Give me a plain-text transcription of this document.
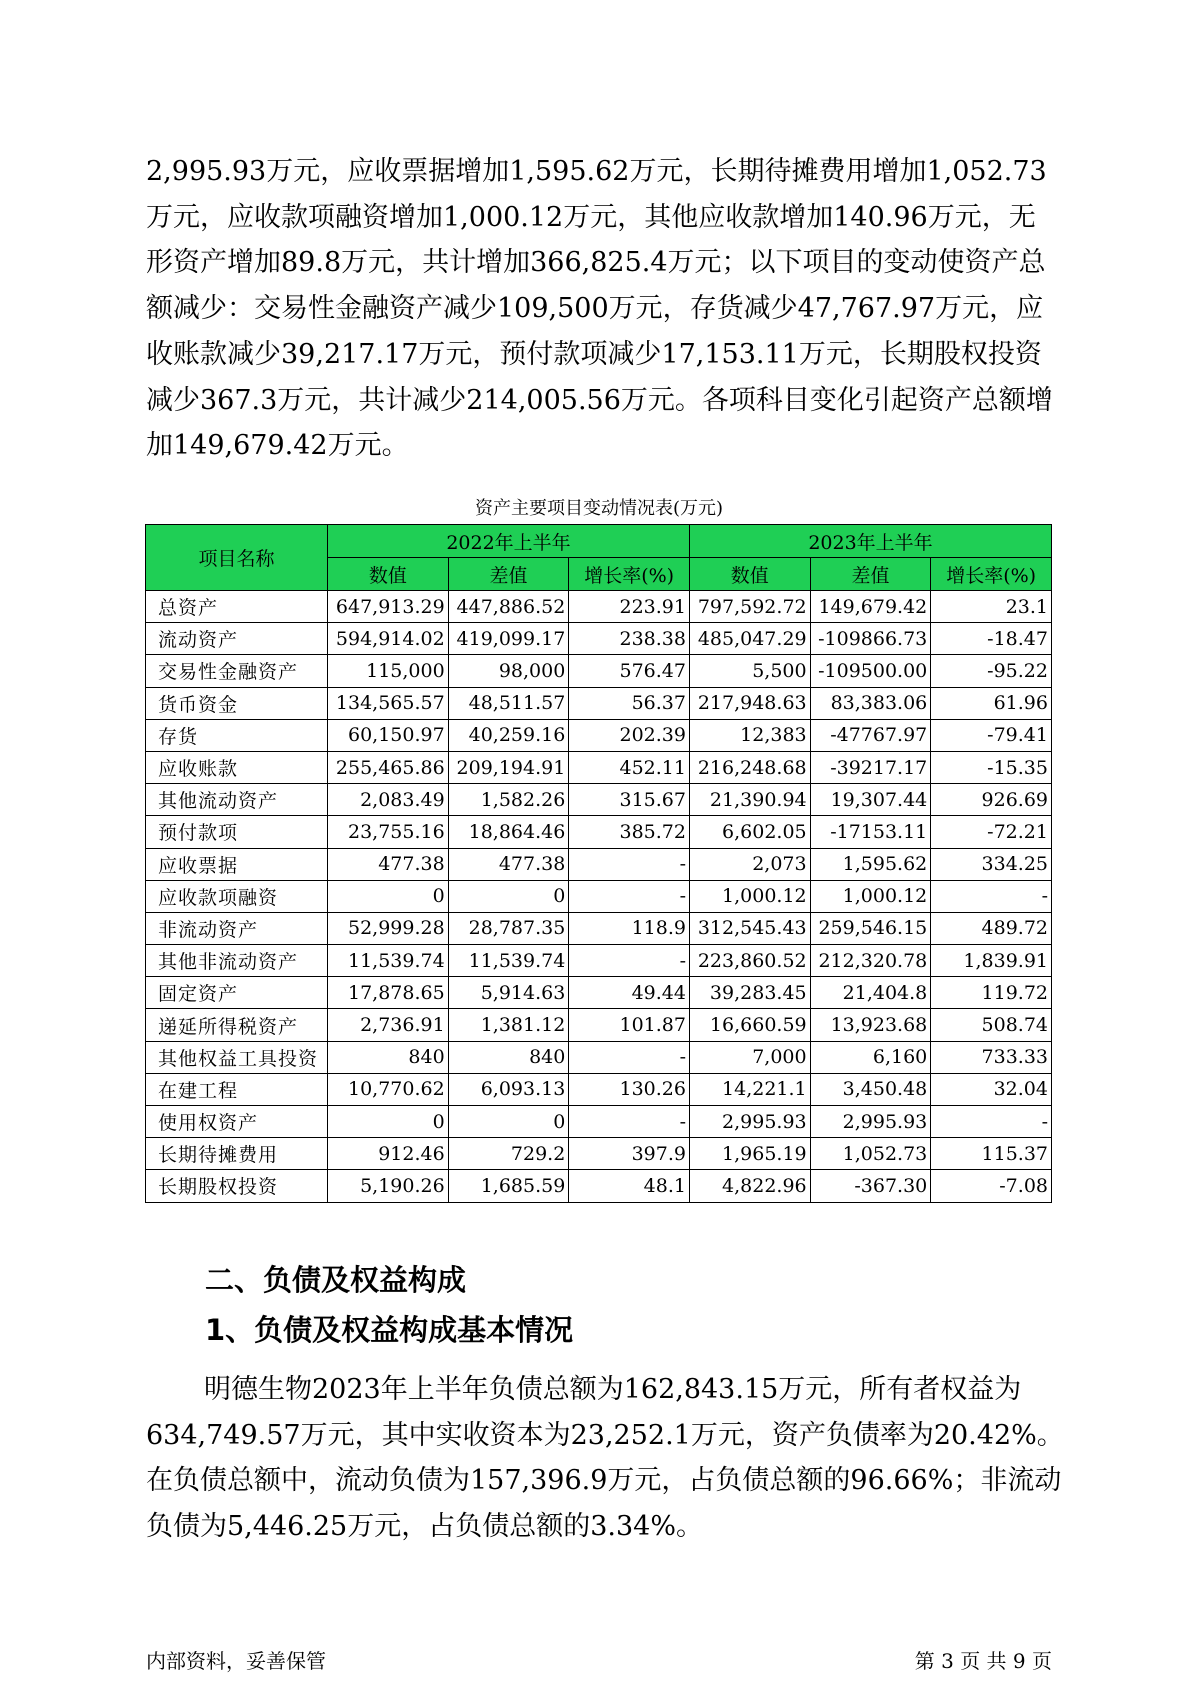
2,995.93万元，应收票据增加1,595.62万元，长期待摊费用增加1,052.73
万元，应收款项融资增加1,000.12万元，其他应收款增加140.96万元，无
形资产增加89.8万元，共计增加366,825.4万元；以下项目的变动使资产总
额减少：交易性金融资产减少109,500万元，存货减少47,767.97万元，应
收账款减少39,217.17万元，预付款项减少17,153.11万元，长期股权投资
减少367.3万元，共计减少214,005.56万元。各项科目变化引起资产总额增
加149,679.42万元。
资产主要项目变动情况表(万元)
项目名称	2022年上半年			2023年上半年		
	数值	差值	增长率(%)	数值	差值	增长率(%)
总资产	647,913.29	447,886.52	223.91	797,592.72	149,679.42	23.1
流动资产	594,914.02	419,099.17	238.38	485,047.29	-109866.73	-18.47
交易性金融资产	115,000	98,000	576.47	5,500	-109500.00	-95.22
货币资金	134,565.57	48,511.57	56.37	217,948.63	83,383.06	61.96
存货	60,150.97	40,259.16	202.39	12,383	-47767.97	-79.41
应收账款	255,465.86	209,194.91	452.11	216,248.68	-39217.17	-15.35
其他流动资产	2,083.49	1,582.26	315.67	21,390.94	19,307.44	926.69
预付款项	23,755.16	18,864.46	385.72	6,602.05	-17153.11	-72.21
应收票据	477.38	477.38	-	2,073	1,595.62	334.25
应收款项融资	0	0	-	1,000.12	1,000.12	-
非流动资产	52,999.28	28,787.35	118.9	312,545.43	259,546.15	489.72
其他非流动资产	11,539.74	11,539.74	-	223,860.52	212,320.78	1,839.91
固定资产	17,878.65	5,914.63	49.44	39,283.45	21,404.8	119.72
递延所得税资产	2,736.91	1,381.12	101.87	16,660.59	13,923.68	508.74
其他权益工具投资	840	840	-	7,000	6,160	733.33
在建工程	10,770.62	6,093.13	130.26	14,221.1	3,450.48	32.04
使用权资产	0	0	-	2,995.93	2,995.93	-
长期待摊费用	912.46	729.2	397.9	1,965.19	1,052.73	115.37
长期股权投资	5,190.26	1,685.59	48.1	4,822.96	-367.30	-7.08
二、负债及权益构成
1、负债及权益构成基本情况
明德生物2023年上半年负债总额为162,843.15万元，所有者权益为
634,749.57万元，其中实收资本为23,252.1万元，资产负债率为20.42%。
在负债总额中，流动负债为157,396.9万元，占负债总额的96.66%；非流动
负债为5,446.25万元，占负债总额的3.34%。
内部资料，妥善保管	第 3 页 共 9 页
